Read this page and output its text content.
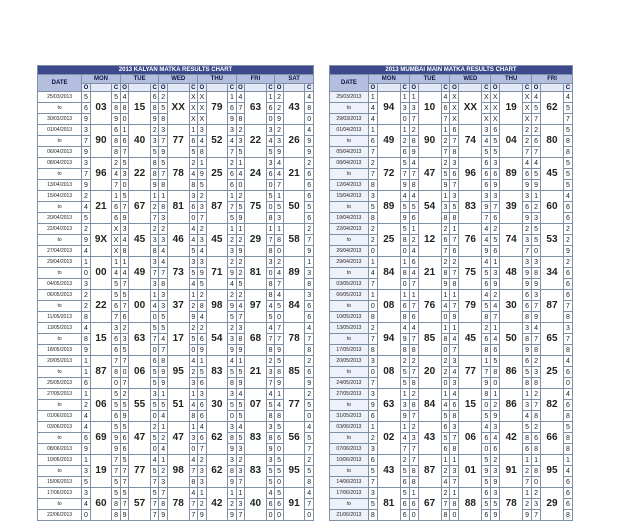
2013 KALYAN MATKA RESULTS CHART																		
DATE	MON			TUE			WED			THU			FRI			SAT		
	O		C	O		C	O		C	O		C	O		C	O		C
25/03/2013	5	03	5	4	15	6	2	XX	X	X	79	1	4	63	1	2	43	4
to	6		8	8		8	5		X	X		6	7		6	2		8
30/03/2013	9		9	0		9	8		X	X		9	8		0	9		0
01/04/2013	3	90	6	1	40	2	3	77	1	3	52	3	2	22	3	2	26	4
to	7		8	6		3	7		6	4		4	3		4	3		9
06/04/2013	9		8	7		5	9		5	8		7	5		5	9		9
08/04/2013	3	96	2	5	22	8	5	78	2	1	25	2	1	24	3	4	21	2
to	7		4	3		8	7		4	9		6	4		6	4		6
13/04/2013	9		7	0		9	8		8	5		6	0		0	7		6
15/04/2013	2	21	1	5	67	1	1	81	3	2	87	1	2	75	5	1	50	6
to	4		6	7		2	8		6	3		7	5		0	5		5
20/04/2013	5		6	9		7	3		0	7		5	9		8	3		6
22/04/2013	2	9X	X	3	45	2	2	46	4	2	45	1	1	29	1	1	58	2
to	9		X	4		3	3		4	3		2	2		7	8		7
27/04/2013	4		X	8		8	4		5	4		3	9		8	0		9
29/04/2013	1	00	1	1	49	3	4	73	3	3	71	2	2	81	3	2	89	1
to	0		4	4		7	7		5	9		9	2		0	4		3
04/05/2013	3		5	7		3	8		4	5		4	5		8	7		8
06/05/2013	2	22	5	5	00	1	3	37	1	2	98	2	2	97	8	4	84	3
to	2		6	7		4	3		2	8		9	4		4	5		6
11/05/2013	8		7	6		0	5		9	4		5	7		5	0		6
13/05/2013	4	15	3	2	63	5	5	17	2	2	54	2	3	68	4	7	78	4
to	8		6	3		7	4		5	6		3	8		7	7		7
18/05/2013	9		6	5		0	7		0	9		9	9		8	9		8
20/05/2013	1	87	7	7	06	6	8	95	4	1	83	4	1	21	2	5	85	2
to	1		8	0		5	9		2	5		5	5		3	8		6
25/05/2013	6		0	7		5	9		3	6		8	9		7	9		9
27/05/2013	1	06	5	2	55	3	1	51	1	3	30	3	4	07	4	1	77	2
to	2		5	5		5	5		4	6		5	5		5	4		5
01/06/2013	4		6	9		0	4		8	6		0	5		8	8		0
03/06/2013	4	69	5	5	47	2	1	47	1	4	62	3	4	83	3	5	56	4
to	6		9	6		5	2		3	6		8	5		8	6		5
08/06/2013	9		9	6		0	4		0	7		9	3		9	0		7
10/06/2013	1	19	7	5	77	4	1	98	4	2	62	3	2	83	3	5	95	2
to	3		7	7		5	2		7	3		8	3		5	5		5
15/06/2013	5		5	7		7	3		8	3		9	7		5	0		8
17/06/2013	3	60	5	5	57	5	7	78	4	1	42	1	1	40	4	5	91	4
to	4		8	7		7	8		7	2		2	3		6	6		7
22/06/2013	0		8	9		7	9		7	9		9	7		0	0		0
2013 MUMBAI MAIN MATKA RESULTS CHART															
DATE	MON			TUE			WED			THU			FRI		
	O		C	O		C	O		C	O		C	O		C
25/03/2013	1	94	1	1	10	4	X	XX	X	X	19	X	4	62	4
to	4		3	3		6	X		X	X		X	5		5
29/03/2013	4		0	7		7	X		X	X		X	7		7
01/04/2013	1	49	1	2	90	1	6	74	3	6	04	2	2	80	5
to	6		2	8		2	7		4	5		2	6		8
05/04/2013	7		6	9		7	8		5	5		7	7		8
08/04/2013	2	72	5	4	47	2	3	96	6	3	89	4	4	45	5
to	7		7	7		5	6		6	6		6	5		5
12/04/2013	8		9	8		9	7		6	9		9	9		5
15/04/2013	3	89	4	4	54	1	3	83	3	3	39	3	1	60	4
to	5		5	5		3	5		9	7		6	2		6
19/04/2013	8		9	6		8	8		7	6		9	3		6
22/04/2013	2	25	5	1	12	2	1	76	4	2	74	2	5	53	2
to	2		8	2		6	7		4	5		3	5		2
26/04/2013	0		0	4		7	6		9	6		7	0		9
29/04/2013	1	84	1	6	21	2	2	75	4	1	48	3	3	34	2
to	4		8	4		8	7		5	3		9	8		6
03/05/2013	7		0	7		9	8		6	9		9	9		6
06/05/2013	1	08	1	1	76	1	1	79	4	2	30	6	3	87	6
to	0		6	7		4	7		5	4		6	7		7
10/05/2013	8		8	6		0	9		8	7		8	9		8
13/05/2013	2	94	4	4	85	1	1	45	2	1	50	3	4	65	3
to	7		9	7		8	4		6	4		8	7		7
17/05/2013	8		8	8		0	7		8	6		9	8		8
20/05/2013	3	08	2	2	20	2	3	77	1	5	86	6	2	25	4
to	0		5	7		2	4		7	8		5	3		6
24/05/2013	7		5	8		0	3		9	0		8	8		0
27/05/2013	3	63	1	2	84	1	4	15	8	1	86	1	2	82	4
to	9		3	8		4	6		0	2		3	7		6
31/05/2013	6		9	7		5	8		5	9		4	8		8
03/06/2013	1	02	1	2	43	6	3	06	4	3	42	5	2	66	5
to	2		4	3		5	7		6	4		8	6		8
07/06/2013	3		7	7		6	8		0	6		6	8		8
10/06/2013	6	43	2	7	87	1	1	01	5	2	91	1	1	95	1
to	5		5	8		2	3		9	3		2	8		4
14/06/2013	7		6	8		4	7		5	9		7	0		6
17/06/2013	3	81	5	1	67	2	1	88	6	3	78	1	2	29	6
to	5		6	6		7	8		5	5		2	3		6
21/06/2013	8		6	0		8	0		6	9		9	7		8
